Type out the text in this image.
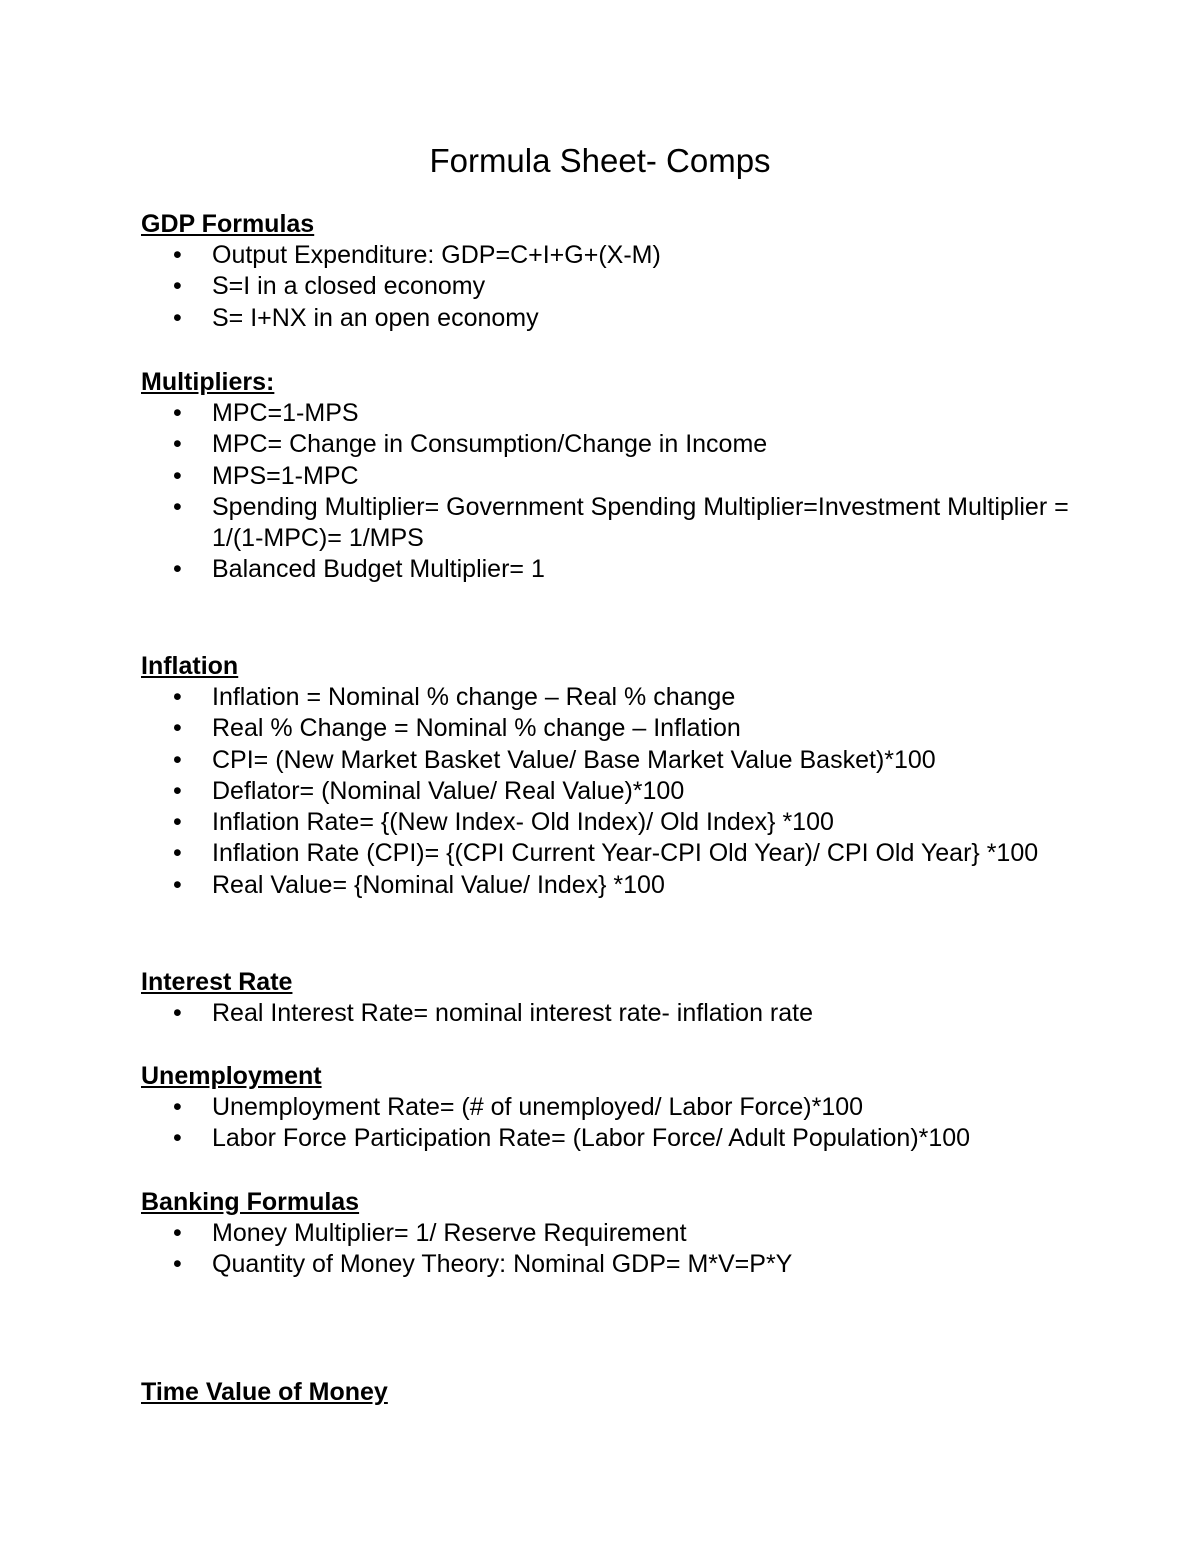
Formula Sheet- Comps
GDP Formulas
• Output Expenditure: GDP=C+I+G+(X-M)
• S=I in a closed economy
• S= I+NX in an open economy
Multipliers:
• MPC=1-MPS
• MPC= Change in Consumption/Change in Income
• MPS=1-MPC
• Spending Multiplier= Government Spending Multiplier=Investment Multiplier =
1/(1-MPC)= 1/MPS
• Balanced Budget Multiplier= 1
Inflation
• Inflation = Nominal % change – Real % change
• Real % Change = Nominal % change – Inflation
• CPI= (New Market Basket Value/ Base Market Value Basket)*100
• Deflator= (Nominal Value/ Real Value)*100
• Inflation Rate= {(New Index- Old Index)/ Old Index} *100
• Inflation Rate (CPI)= {(CPI Current Year-CPI Old Year)/ CPI Old Year} *100
• Real Value= {Nominal Value/ Index} *100
Interest Rate
• Real Interest Rate= nominal interest rate- inflation rate
Unemployment
• Unemployment Rate= (# of unemployed/ Labor Force)*100
• Labor Force Participation Rate= (Labor Force/ Adult Population)*100
Banking Formulas
• Money Multiplier= 1/ Reserve Requirement
• Quantity of Money Theory: Nominal GDP= M*V=P*Y
Time Value of Money
